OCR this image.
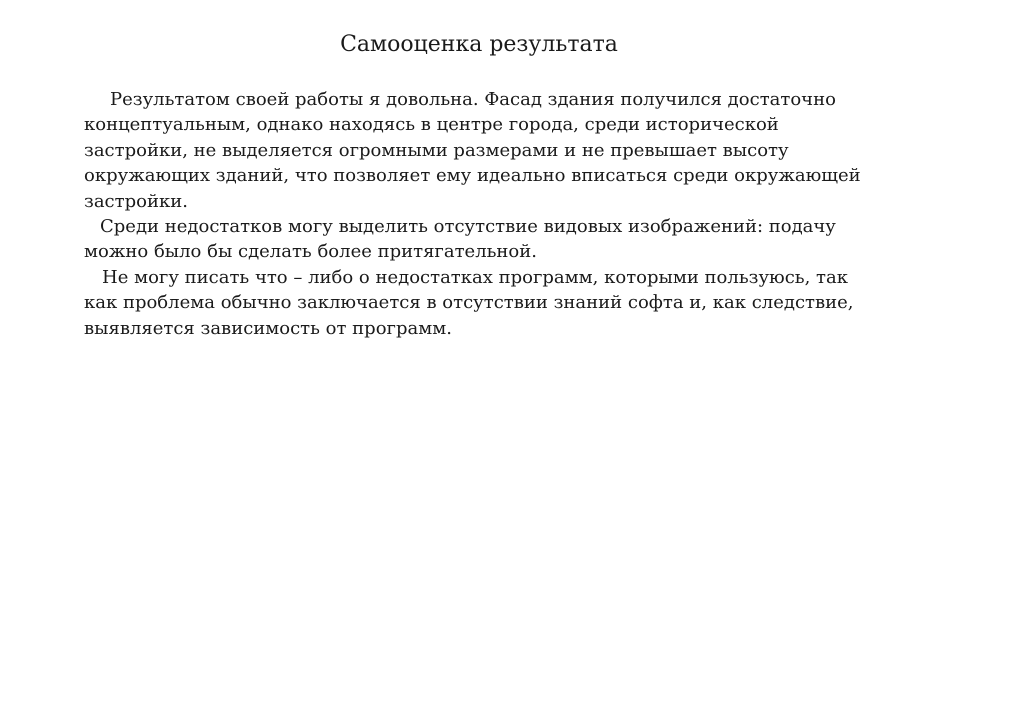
Самооценка результата

Результатом своей работы я довольна. Фасад здания получился достаточно
концептуальным, однако находясь в центре города, среди исторической
застройки, не выделяется огромными размерами и не превышает высоту
окружающих зданий, что позволяет ему идеально вписаться среди окружающей
застройки.

Среди недостатков могу выделить отсутствие видовых изображений: подачу
можно было бы сделать более притягательной.

Не могу писать что – либо о недостатках программ, которыми пользуюсь, так
как проблема обычно заключается в отсутствии знаний софта и, как следствие,
выявляется зависимость от программ.
